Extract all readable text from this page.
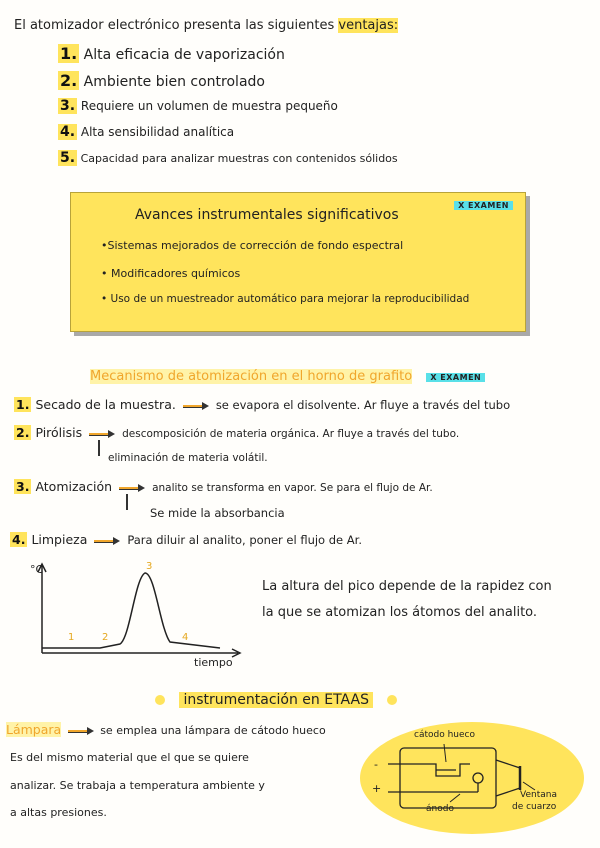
El atomizador electrónico presenta las siguientes ventajas:
1. Alta eficacia de vaporización
2. Ambiente bien controlado
3. Requiere un volumen de muestra pequeño
4. Alta sensibilidad analítica
5. Capacidad para analizar muestras con contenidos sólidos
X EXAMEN
Avances instrumentales significativos
•Sistemas mejorados de corrección de fondo espectral
• Modificadores químicos
• Uso de un muestreador automático para mejorar la reproducibilidad
Mecanismo de atomización en el horno de grafito X EXAMEN
1. Secado de la muestra.	se evapora el disolvente. Ar fluye a través del tubo
2. Pirólisis	descomposición de materia orgánica. Ar fluye a través del tubo.
eliminación de materia volátil.
3. Atomización	analito se transforma en vapor. Se para el flujo de Ar.
Se mide la absorbancia
4. Limpieza	Para diluir al analito, poner el flujo de Ar.
1	2
3
4
°C
tiempo
La altura del pico depende de la rapidez con la que se atomizan los átomos del analito.
instrumentación en ETAAS
Lámpara	se emplea una lámpara de cátodo hueco
Es del mismo material que el que se quiere
analizar. Se trabaja a temperatura ambiente y
a altas presiones.
cátodo hueco
ánodo
Ventana
de cuarzo
-
+
